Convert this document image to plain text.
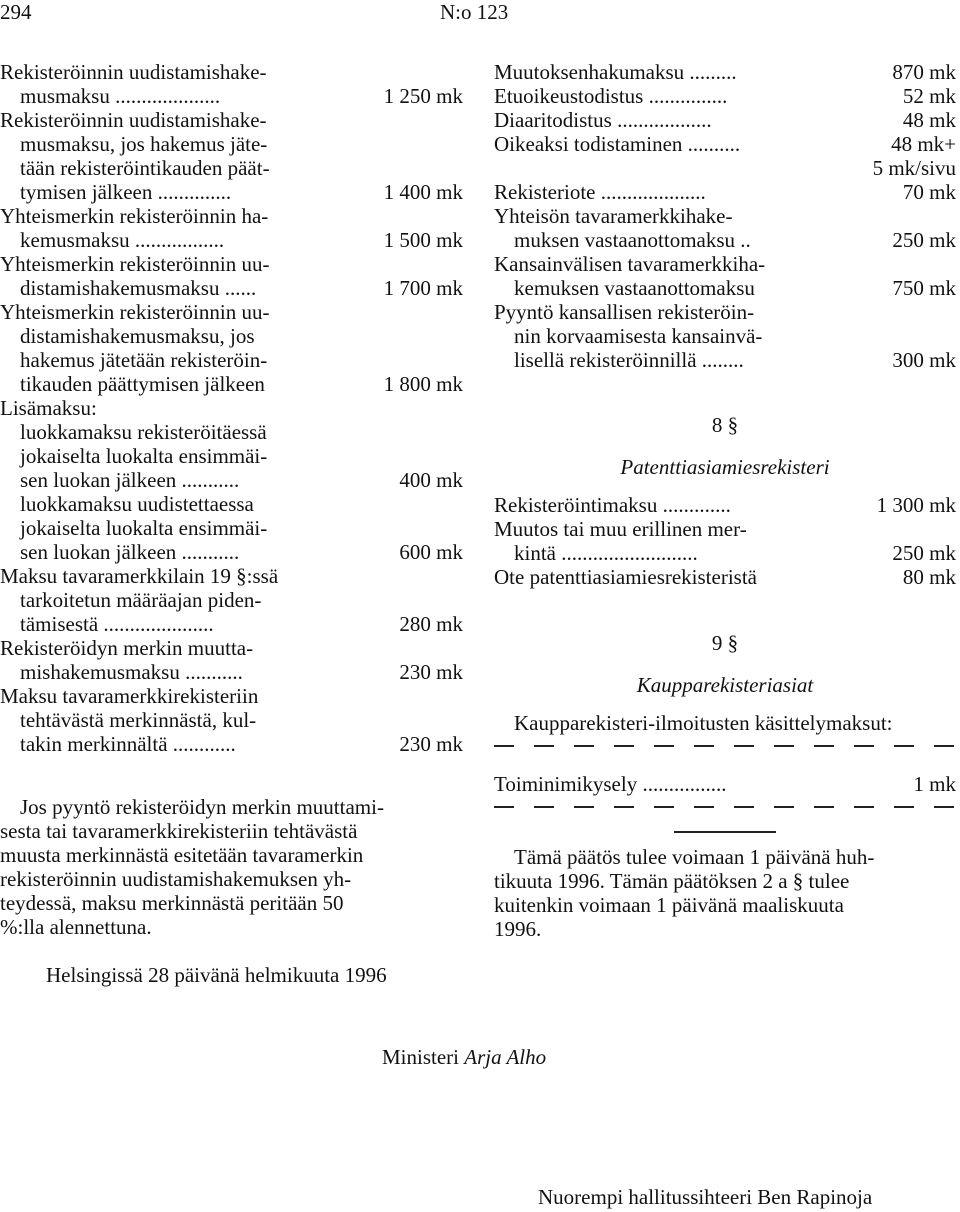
294	N:o 123
Rekisteröinnin uudistamishake-
musmaksu ....................	1 250 mk
Rekisteröinnin uudistamishake-
musmaksu, jos hakemus jäte-
tään rekisteröintikauden päät-
tymisen jälkeen ..............	1 400 mk
Yhteismerkin rekisteröinnin ha-
kemusmaksu .................	1 500 mk
Yhteismerkin rekisteröinnin uu-
distamishakemusmaksu ......	1 700 mk
Yhteismerkin rekisteröinnin uu-
distamishakemusmaksu, jos
hakemus jätetään rekisteröin-
tikauden päättymisen jälkeen	1 800 mk
Lisämaksu:
luokkamaksu rekisteröitäessä
jokaiselta luokalta ensimmäi-
sen luokan jälkeen ...........	400 mk
luokkamaksu uudistettaessa
jokaiselta luokalta ensimmäi-
sen luokan jälkeen ...........	600 mk
Maksu tavaramerkkilain 19 §:ssä
tarkoitetun määräajan piden-
tämisestä .....................	280 mk
Rekisteröidyn merkin muutta-
mishakemusmaksu ...........	230 mk
Maksu tavaramerkkirekisteriin
tehtävästä merkinnästä, kul-
takin merkinnältä ............	230 mk
Jos pyyntö rekisteröidyn merkin muuttami-
sesta tai tavaramerkkirekisteriin tehtävästä
muusta merkinnästä esitetään tavaramerkin
rekisteröinnin uudistamishakemuksen yh-
teydessä, maksu merkinnästä peritään 50
%:lla alennettuna.
Muutoksenhakumaksu .........	870 mk
Etuoikeustodistus ...............	52 mk
Diaaritodistus ..................	48 mk
Oikeaksi todistaminen ..........	48 mk+
5 mk/sivu
Rekisteriote ....................	70 mk
Yhteisön tavaramerkkihake-
muksen vastaanottomaksu ..	250 mk
Kansainvälisen tavaramerkkiha-
kemuksen vastaanottomaksu	750 mk
Pyyntö kansallisen rekisteröin-
nin korvaamisesta kansainvä-
lisellä rekisteröinnillä ........	300 mk
8 §
Patenttiasiamiesrekisteri
Rekisteröintimaksu .............	1 300 mk
Muutos tai muu erillinen mer-
kintä ..........................	250 mk
Ote patenttiasiamiesrekisteristä	80 mk
9 §
Kaupparekisteriasiat
Kaupparekisteri-ilmoitusten käsittelymaksut:
Toiminimikysely ................	1 mk
Tämä päätös tulee voimaan 1 päivänä huh-
tikuuta 1996. Tämän päätöksen 2 a § tulee
kuitenkin voimaan 1 päivänä maaliskuuta
1996.
Helsingissä 28 päivänä helmikuuta 1996
Ministeri Arja Alho
Nuorempi hallitussihteeri Ben Rapinoja
